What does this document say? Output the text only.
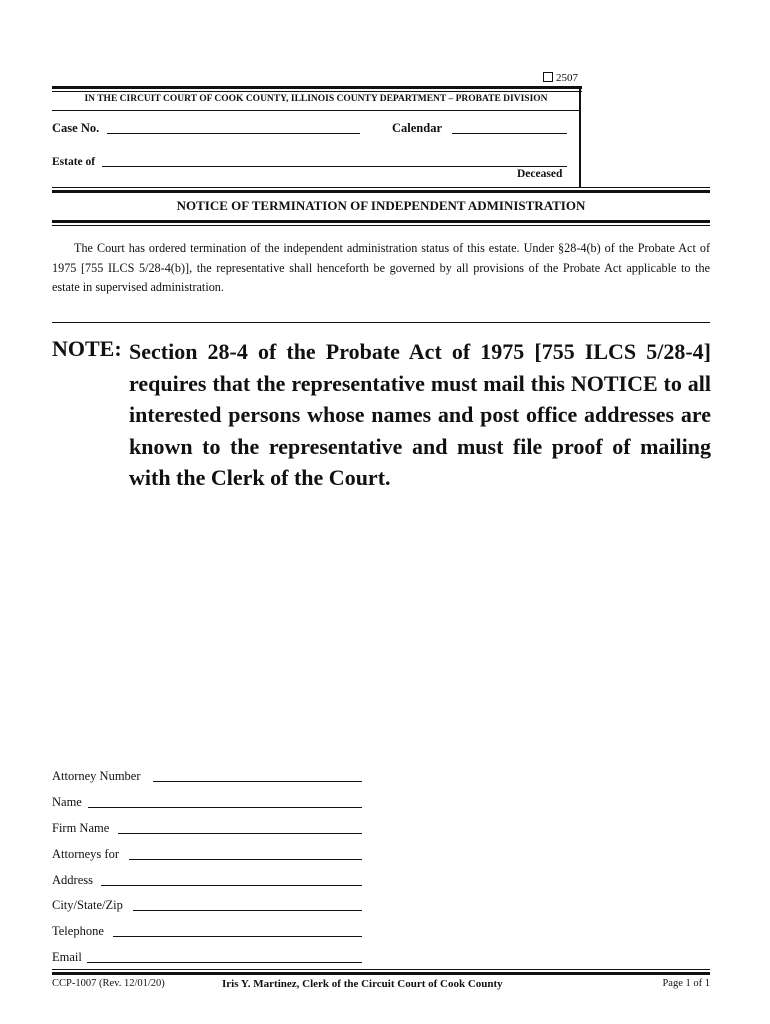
2507
IN THE CIRCUIT COURT OF COOK COUNTY, ILLINOIS COUNTY DEPARTMENT – PROBATE DIVISION
Case No.	Calendar
Estate of
Deceased
NOTICE OF TERMINATION OF INDEPENDENT ADMINISTRATION
The Court has ordered termination of the independent administration status of this estate. Under §28-4(b) of the Probate Act of 1975 [755 ILCS 5/28-4(b)], the representative shall henceforth be governed by all provisions of the Probate Act applicable to the estate in supervised administration.
NOTE: Section 28-4 of the Probate Act of 1975 [755 ILCS 5/28-4] requires that the representative must mail this NOTICE to all interested persons whose names and post office addresses are known to the representative and must file proof of mailing with the Clerk of the Court.
Attorney Number
Name
Firm Name
Attorneys for
Address
City/State/Zip
Telephone
Email
CCP-1007 (Rev. 12/01/20)	Iris Y. Martinez, Clerk of the Circuit Court of Cook County	Page 1 of 1
